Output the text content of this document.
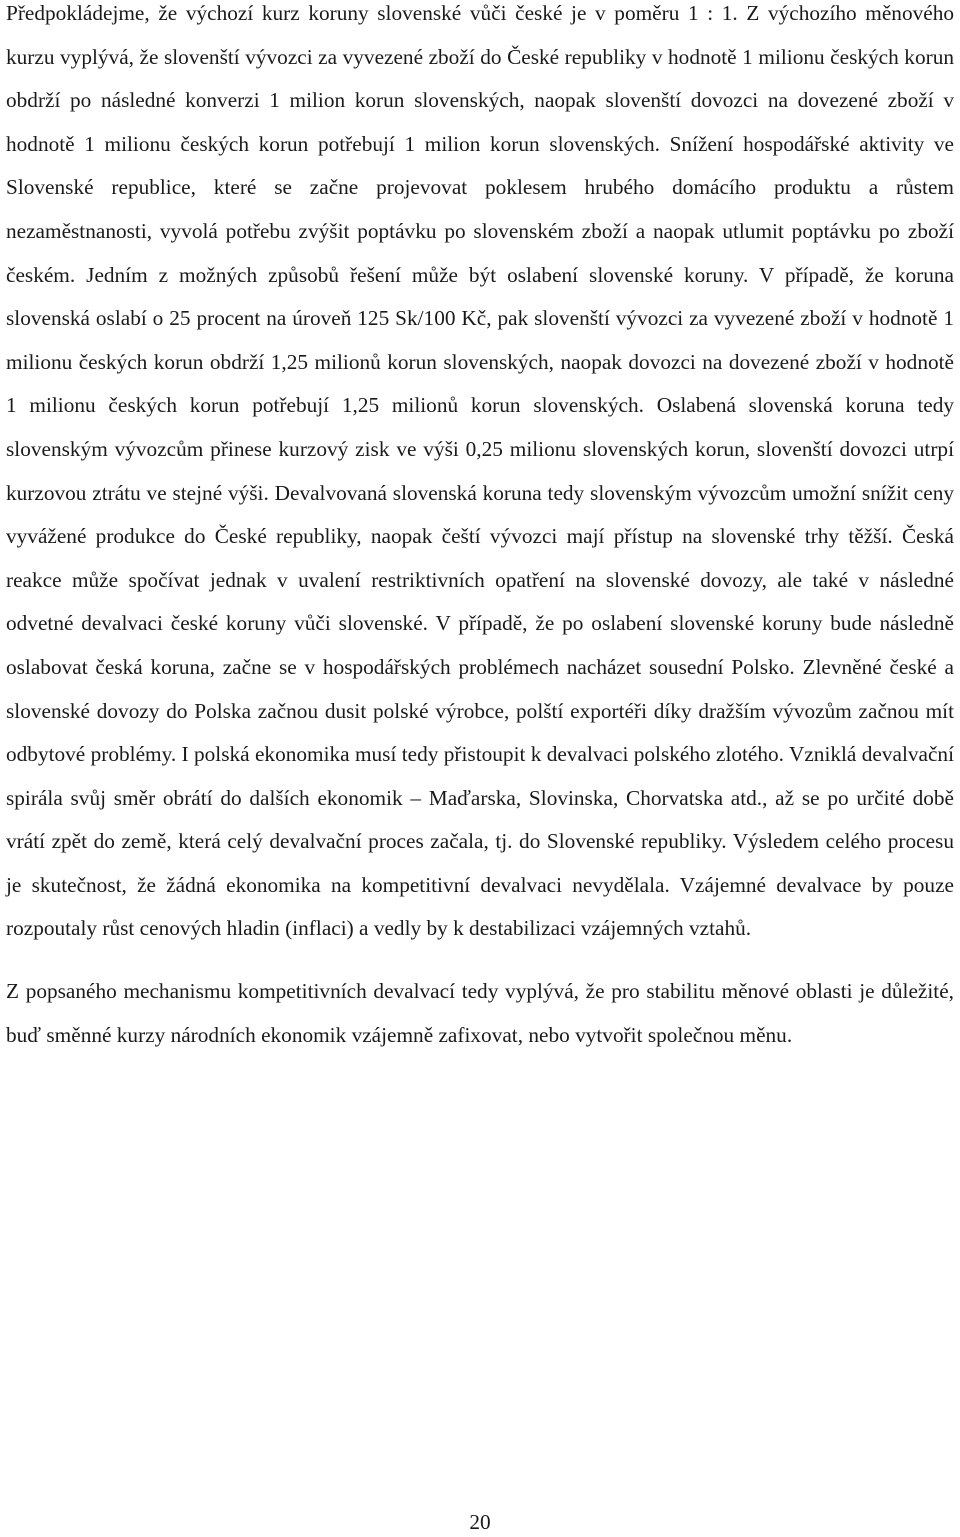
Předpokládejme, že výchozí kurz koruny slovenské vůči české je v poměru 1 : 1. Z výchozího měnového kurzu vyplývá, že slovenští vývozci za vyvezené zboží do České republiky v hodnotě 1 milionu českých korun obdrží po následné konverzi 1 milion korun slovenských, naopak slovenští dovozci na dovezené zboží v hodnotě 1 milionu českých korun potřebují 1 milion korun slovenských. Snížení hospodářské aktivity ve Slovenské republice, které se začne projevovat poklesem hrubého domácího produktu a růstem nezaměstnanosti, vyvolá potřebu zvýšit poptávku po slovenském zboží a naopak utlumit poptávku po zboží českém. Jedním z možných způsobů řešení může být oslabení slovenské koruny. V případě, že koruna slovenská oslabí o 25 procent na úroveň 125 Sk/100 Kč, pak slovenští vývozci za vyvezené zboží v hodnotě 1 milionu českých korun obdrží 1,25 milionů korun slovenských, naopak dovozci na dovezené zboží v hodnotě 1 milionu českých korun potřebují 1,25 milionů korun slovenských. Oslabená slovenská koruna tedy slovenským vývozcům přinese kurzový zisk ve výši 0,25 milionu slovenských korun, slovenští dovozci utrpí kurzovou ztrátu ve stejné výši. Devalvovaná slovenská koruna tedy slovenským vývozcům umožní snížit ceny vyvážené produkce do České republiky, naopak čeští vývozci mají přístup na slovenské trhy těžší. Česká reakce může spočívat jednak v uvalení restriktivních opatření na slovenské dovozy, ale také v následné odvetné devalvaci české koruny vůči slovenské. V případě, že po oslabení slovenské koruny bude následně oslabovat česká koruna, začne se v hospodářských problémech nacházet sousední Polsko. Zlevněné české a slovenské dovozy do Polska začnou dusit polské výrobce, polští exportéři díky dražším vývozům začnou mít odbytové problémy. I polská ekonomika musí tedy přistoupit k devalvaci polského zlotého. Vzniklá devalvační spirála svůj směr obrátí do dalších ekonomik – Maďarska, Slovinska, Chorvatska atd., až se po určité době vrátí zpět do země, která celý devalvační proces začala, tj. do Slovenské republiky. Výsledem celého procesu je skutečnost, že žádná ekonomika na kompetitivní devalvaci nevydělala. Vzájemné devalvace by pouze rozpoutaly růst cenových hladin (inflaci) a vedly by k destabilizaci vzájemných vztahů.

Z popsaného mechanismu kompetitivních devalvací tedy vyplývá, že pro stabilitu měnové oblasti je důležité, buď směnné kurzy národních ekonomik vzájemně zafixovat, nebo vytvořit společnou měnu.

20
